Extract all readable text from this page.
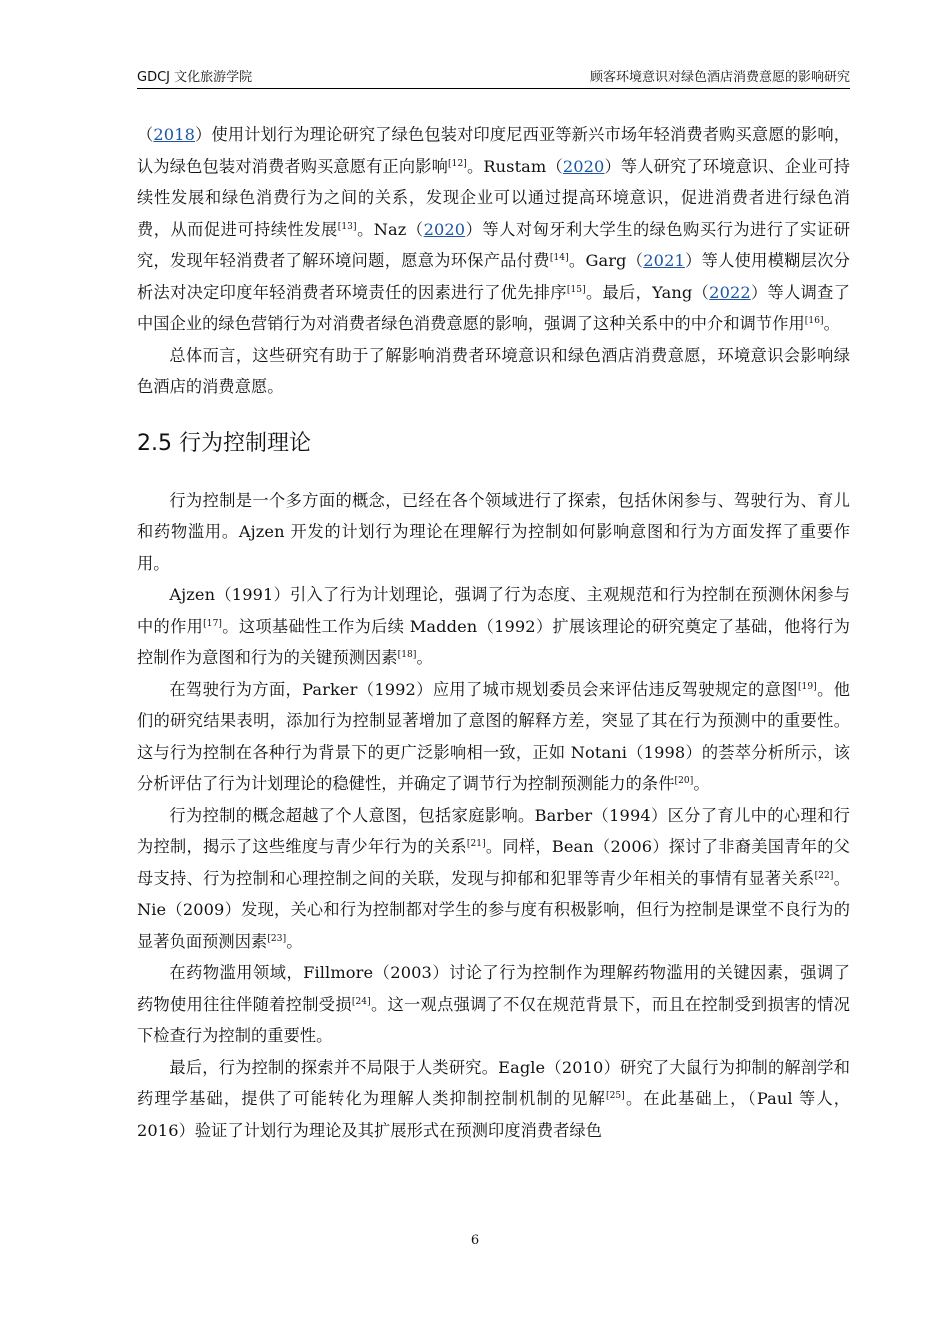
GDCJ 文化旅游学院	顾客环境意识对绿色酒店消费意愿的影响研究

（2018）使用计划行为理论研究了绿色包装对印度尼西亚等新兴市场年轻消费者购买意愿的影响，认为绿色包装对消费者购买意愿有正向影响[12]。Rustam（2020）等人研究了环境意识、企业可持续性发展和绿色消费行为之间的关系，发现企业可以通过提高环境意识，促进消费者进行绿色消费，从而促进可持续性发展[13]。Naz（2020）等人对匈牙利大学生的绿色购买行为进行了实证研究，发现年轻消费者了解环境问题，愿意为环保产品付费[14]。Garg（2021）等人使用模糊层次分析法对决定印度年轻消费者环境责任的因素进行了优先排序[15]。最后，Yang（2022）等人调查了中国企业的绿色营销行为对消费者绿色消费意愿的影响，强调了这种关系中的中介和调节作用[16]。

总体而言，这些研究有助于了解影响消费者环境意识和绿色酒店消费意愿，环境意识会影响绿色酒店的消费意愿。

2.5 行为控制理论

行为控制是一个多方面的概念，已经在各个领域进行了探索，包括休闲参与、驾驶行为、育儿和药物滥用。Ajzen 开发的计划行为理论在理解行为控制如何影响意图和行为方面发挥了重要作用。

Ajzen（1991）引入了行为计划理论，强调了行为态度、主观规范和行为控制在预测休闲参与中的作用[17]。这项基础性工作为后续 Madden（1992）扩展该理论的研究奠定了基础，他将行为控制作为意图和行为的关键预测因素[18]。

在驾驶行为方面，Parker（1992）应用了城市规划委员会来评估违反驾驶规定的意图[19]。他们的研究结果表明，添加行为控制显著增加了意图的解释方差，突显了其在行为预测中的重要性。这与行为控制在各种行为背景下的更广泛影响相一致，正如 Notani（1998）的荟萃分析所示，该分析评估了行为计划理论的稳健性，并确定了调节行为控制预测能力的条件[20]。

行为控制的概念超越了个人意图，包括家庭影响。Barber（1994）区分了育儿中的心理和行为控制，揭示了这些维度与青少年行为的关系[21]。同样，Bean（2006）探讨了非裔美国青年的父母支持、行为控制和心理控制之间的关联，发现与抑郁和犯罪等青少年相关的事情有显著关系[22]。Nie（2009）发现，关心和行为控制都对学生的参与度有积极影响，但行为控制是课堂不良行为的显著负面预测因素[23]。

在药物滥用领域，Fillmore（2003）讨论了行为控制作为理解药物滥用的关键因素，强调了药物使用往往伴随着控制受损[24]。这一观点强调了不仅在规范背景下，而且在控制受到损害的情况下检查行为控制的重要性。

最后，行为控制的探索并不局限于人类研究。Eagle（2010）研究了大鼠行为抑制的解剖学和药理学基础，提供了可能转化为理解人类抑制控制机制的见解[25]。在此基础上，（Paul 等人，2016）验证了计划行为理论及其扩展形式在预测印度消费者绿色

6
